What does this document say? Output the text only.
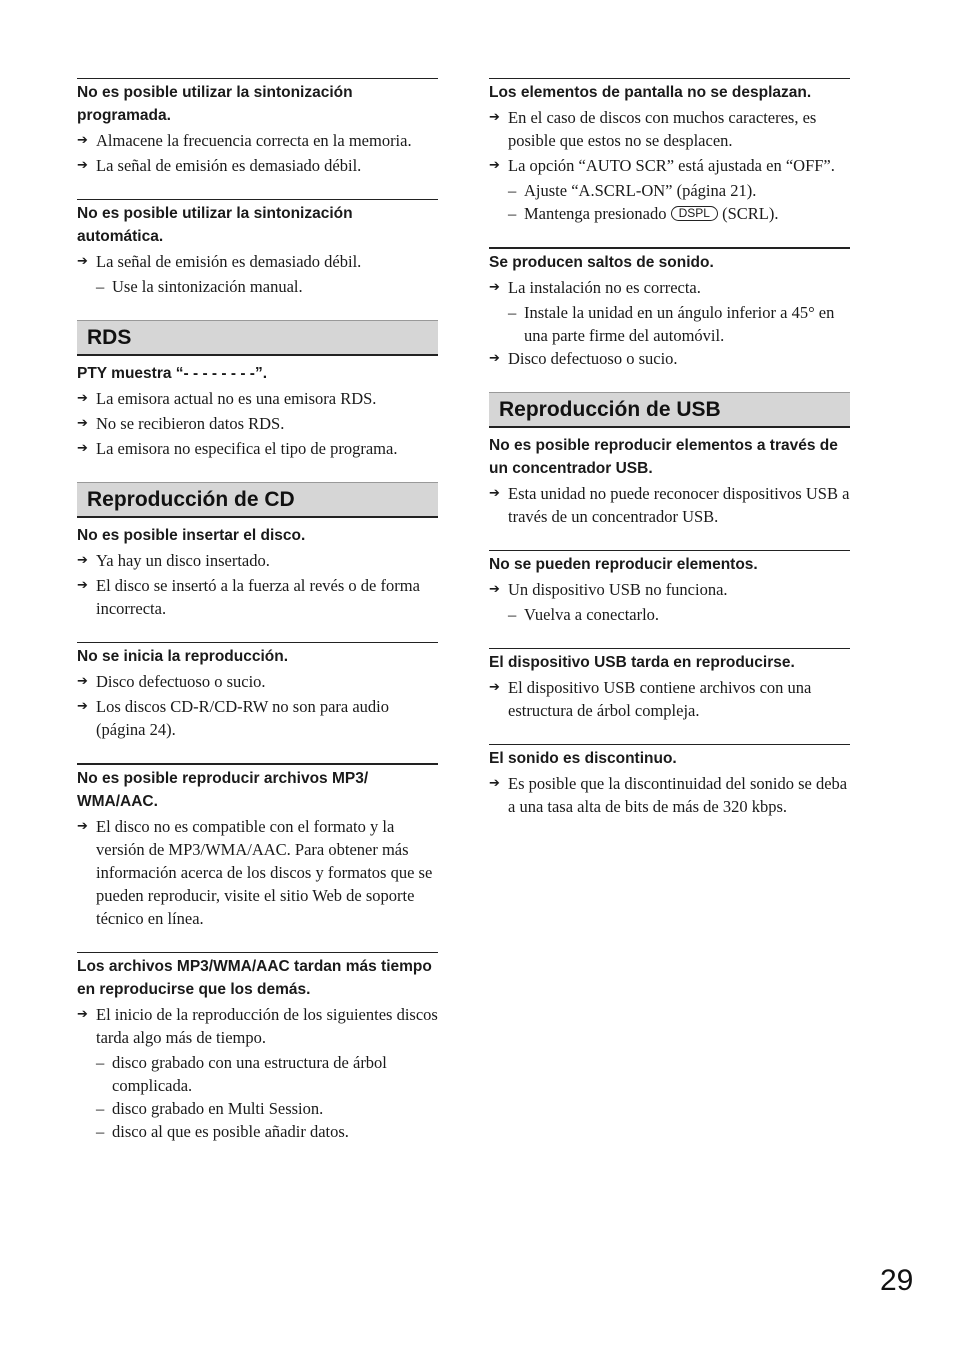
No es posible utilizar la sintonización programada.

➔ Almacene la frecuencia correcta en la memoria.

➔ La señal de emisión es demasiado débil.

No es posible utilizar la sintonización automática.

➔ La señal de emisión es demasiado débil.

– Use la sintonización manual.

RDS

PTY muestra “- - - - - - - -”.

➔ La emisora actual no es una emisora RDS.

➔ No se recibieron datos RDS.

➔ La emisora no especifica el tipo de programa.

Reproducción de CD

No es posible insertar el disco.

➔ Ya hay un disco insertado.

➔ El disco se insertó a la fuerza al revés o de forma incorrecta.

No se inicia la reproducción.

➔ Disco defectuoso o sucio.

➔ Los discos CD-R/CD-RW no son para audio (página 24).

No es posible reproducir archivos MP3/ WMA/AAC.

➔ El disco no es compatible con el formato y la versión de MP3/WMA/AAC. Para obtener más información acerca de los discos y formatos que se pueden reproducir, visite el sitio Web de soporte técnico en línea.

Los archivos MP3/WMA/AAC tardan más tiempo en reproducirse que los demás.

➔ El inicio de la reproducción de los siguientes discos tarda algo más de tiempo.

– disco grabado con una estructura de árbol complicada.

– disco grabado en Multi Session.

– disco al que es posible añadir datos.

Los elementos de pantalla no se desplazan.

➔ En el caso de discos con muchos caracteres, es posible que estos no se desplacen.

➔ La opción “AUTO SCR” está ajustada en “OFF”.

– Ajuste “A.SCRL-ON” (página 21).

– Mantenga presionado DSPL (SCRL).

Se producen saltos de sonido.

➔ La instalación no es correcta.

– Instale la unidad en un ángulo inferior a 45° en una parte firme del automóvil.

➔ Disco defectuoso o sucio.

Reproducción de USB

No es posible reproducir elementos a través de un concentrador USB.

➔ Esta unidad no puede reconocer dispositivos USB a través de un concentrador USB.

No se pueden reproducir elementos.

➔ Un dispositivo USB no funciona.

– Vuelva a conectarlo.

El dispositivo USB tarda en reproducirse.

➔ El dispositivo USB contiene archivos con una estructura de árbol compleja.

El sonido es discontinuo.

➔ Es posible que la discontinuidad del sonido se deba a una tasa alta de bits de más de 320 kbps.

29
